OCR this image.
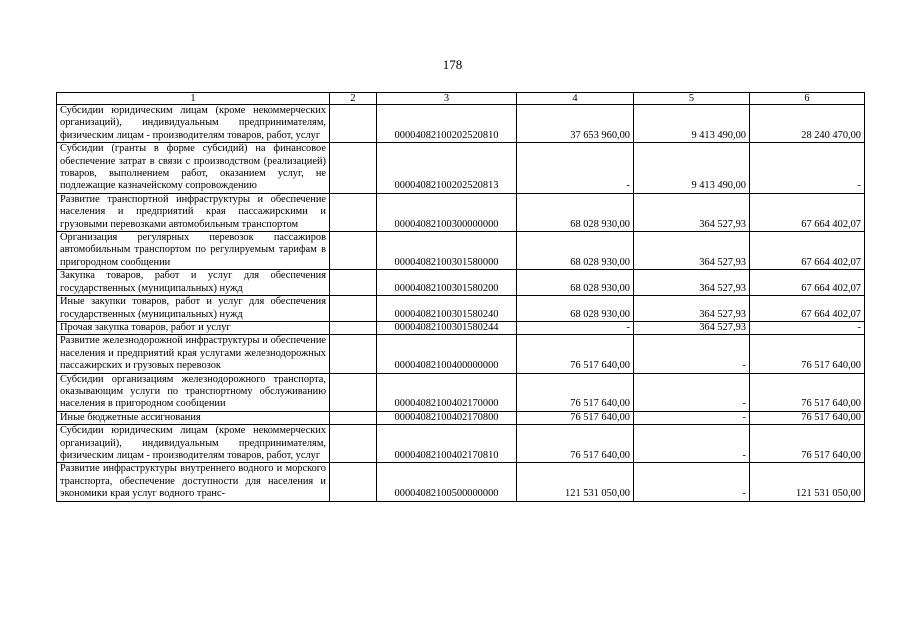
178
1	2	3	4	5	6
Субсидии юридическим лицам (кроме некоммерческих организаций), индивидуальным предпринимателям, физическим лицам - производителям товаров, работ, услуг		00004082100202520810	37 653 960,00	9 413 490,00	28 240 470,00
Субсидии (гранты в форме субсидий) на финансовое обеспечение затрат в связи с производством (реализацией) товаров, выполнением работ, оказанием услуг, не подлежащие казначейскому сопровождению		00004082100202520813	-	9 413 490,00	-
Развитие транспортной инфраструктуры и обеспечение населения и предприятий края пассажирскими и грузовыми перевозками автомобильным транспортом		00004082100300000000	68 028 930,00	364 527,93	67 664 402,07
Организация регулярных перевозок пассажиров автомобильным транспортом по регулируемым тарифам в пригородном сообщении		00004082100301580000	68 028 930,00	364 527,93	67 664 402,07
Закупка товаров, работ и услуг для обеспечения государственных (муниципальных) нужд		00004082100301580200	68 028 930,00	364 527,93	67 664 402,07
Иные закупки товаров, работ и услуг для обеспечения государственных (муниципальных) нужд		00004082100301580240	68 028 930,00	364 527,93	67 664 402,07
Прочая закупка товаров, работ и услуг		00004082100301580244	-	364 527,93	-
Развитие железнодорожной инфраструктуры и обеспечение населения и предприятий края услугами железнодорожных пассажирских и грузовых перевозок		00004082100400000000	76 517 640,00	-	76 517 640,00
Субсидии организациям железнодорожного транспорта, оказывающим услуги по транспортному обслуживанию населения в пригородном сообщении		00004082100402170000	76 517 640,00	-	76 517 640,00
Иные бюджетные ассигнования		00004082100402170800	76 517 640,00	-	76 517 640,00
Субсидии юридическим лицам (кроме некоммерческих организаций), индивидуальным предпринимателям, физическим лицам - производителям товаров, работ, услуг		00004082100402170810	76 517 640,00	-	76 517 640,00
Развитие инфраструктуры внутреннего водного и морского транспорта, обеспечение доступности для населения и экономики края услуг водного транс-		00004082100500000000	121 531 050,00	-	121 531 050,00
